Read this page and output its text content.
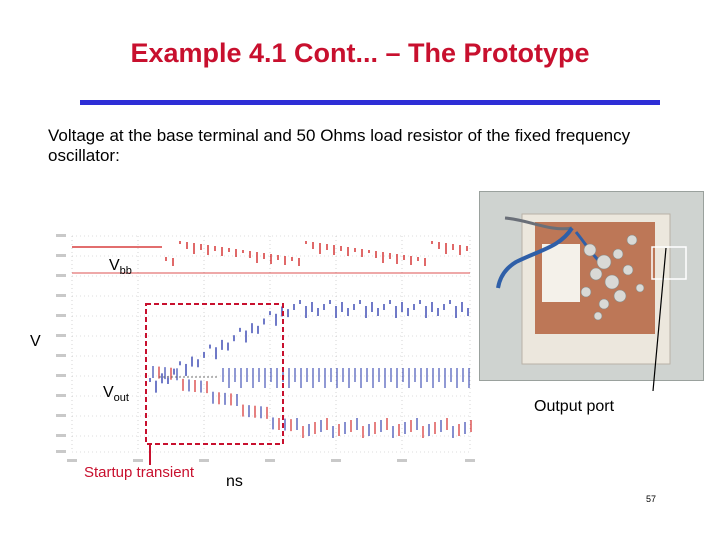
Example 4.1 Cont... – The Prototype
Voltage at the base terminal and 50 Ohms load resistor of the fixed frequency oscillator:
V
$V_{bb}$
$V_{out}$
Startup transient
ns
Output port
57
